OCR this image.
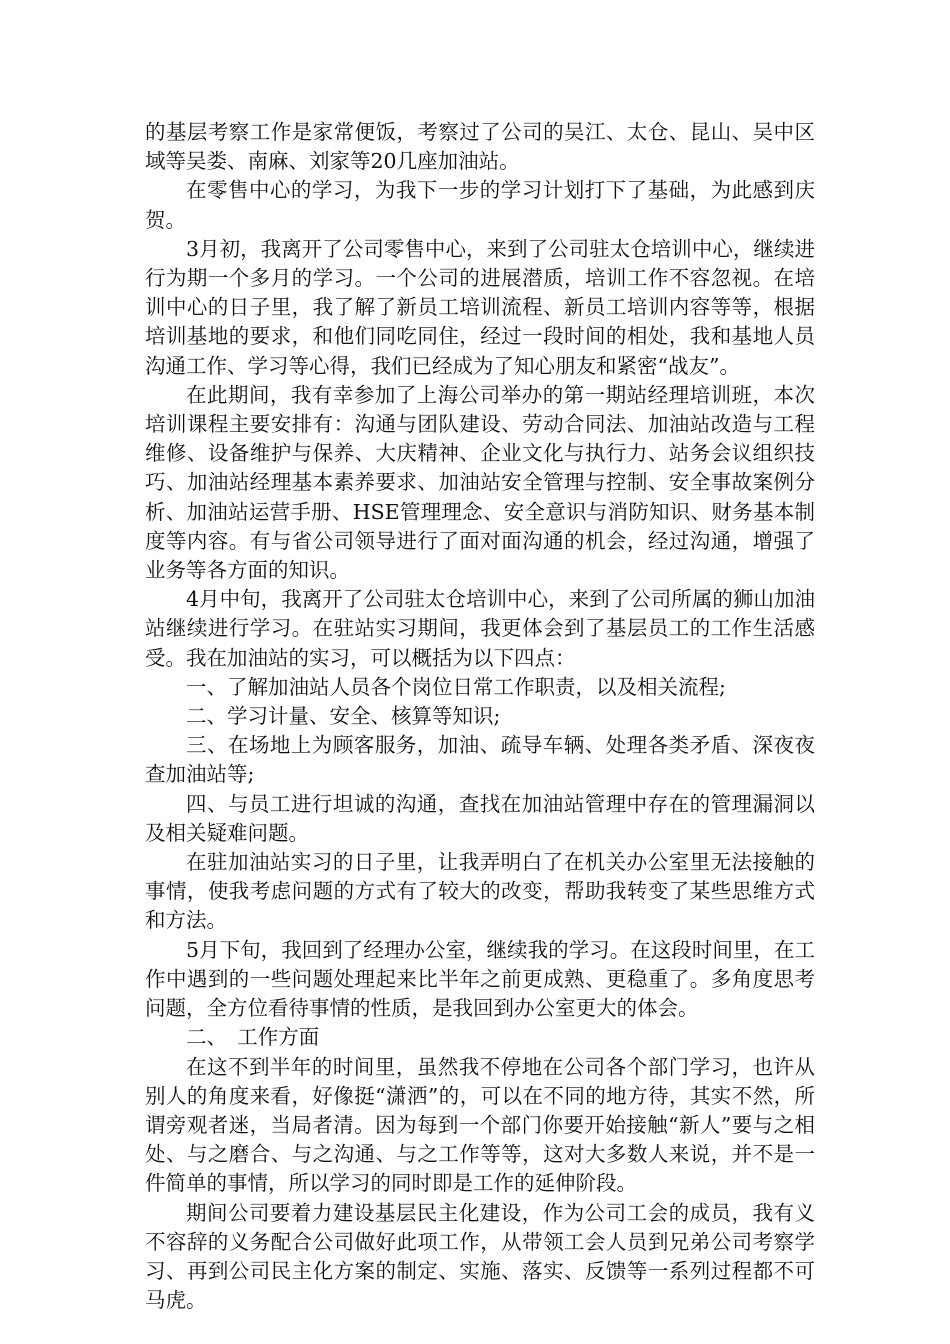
的基层考察工作是家常便饭，考察过了公司的吴江、太仓、昆山、吴中区域等吴娄、南麻、刘家等20几座加油站。

在零售中心的学习，为我下一步的学习计划打下了基础，为此感到庆贺。

3月初，我离开了公司零售中心，来到了公司驻太仓培训中心，继续进行为期一个多月的学习。一个公司的进展潜质，培训工作不容忽视。在培训中心的日子里，我了解了新员工培训流程、新员工培训内容等等，根据培训基地的要求，和他们同吃同住，经过一段时间的相处，我和基地人员沟通工作、学习等心得，我们已经成为了知心朋友和紧密“战友”。

在此期间，我有幸参加了上海公司举办的第一期站经理培训班，本次培训课程主要安排有：沟通与团队建设、劳动合同法、加油站改造与工程维修、设备维护与保养、大庆精神、企业文化与执行力、站务会议组织技巧、加油站经理基本素养要求、加油站安全管理与控制、安全事故案例分析、加油站运营手册、HSE管理理念、安全意识与消防知识、财务基本制度等内容。有与省公司领导进行了面对面沟通的机会，经过沟通，增强了业务等各方面的知识。

4月中旬，我离开了公司驻太仓培训中心，来到了公司所属的狮山加油站继续进行学习。在驻站实习期间，我更体会到了基层员工的工作生活感受。我在加油站的实习，可以概括为以下四点：

一、了解加油站人员各个岗位日常工作职责，以及相关流程;

二、学习计量、安全、核算等知识;

三、在场地上为顾客服务，加油、疏导车辆、处理各类矛盾、深夜夜查加油站等;

四、与员工进行坦诚的沟通，查找在加油站管理中存在的管理漏洞以及相关疑难问题。

在驻加油站实习的日子里，让我弄明白了在机关办公室里无法接触的事情，使我考虑问题的方式有了较大的改变，帮助我转变了某些思维方式和方法。

5月下旬，我回到了经理办公室，继续我的学习。在这段时间里，在工作中遇到的一些问题处理起来比半年之前更成熟、更稳重了。多角度思考问题，全方位看待事情的性质，是我回到办公室更大的体会。

二、　工作方面

在这不到半年的时间里，虽然我不停地在公司各个部门学习，也许从别人的角度来看，好像挺“潇洒”的，可以在不同的地方待，其实不然，所谓旁观者迷，当局者清。因为每到一个部门你要开始接触“新人”要与之相处、与之磨合、与之沟通、与之工作等等，这对大多数人来说，并不是一件简单的事情，所以学习的同时即是工作的延伸阶段。

期间公司要着力建设基层民主化建设，作为公司工会的成员，我有义不容辞的义务配合公司做好此项工作，从带领工会人员到兄弟公司考察学习、再到公司民主化方案的制定、实施、落实、反馈等一系列过程都不可马虎。
